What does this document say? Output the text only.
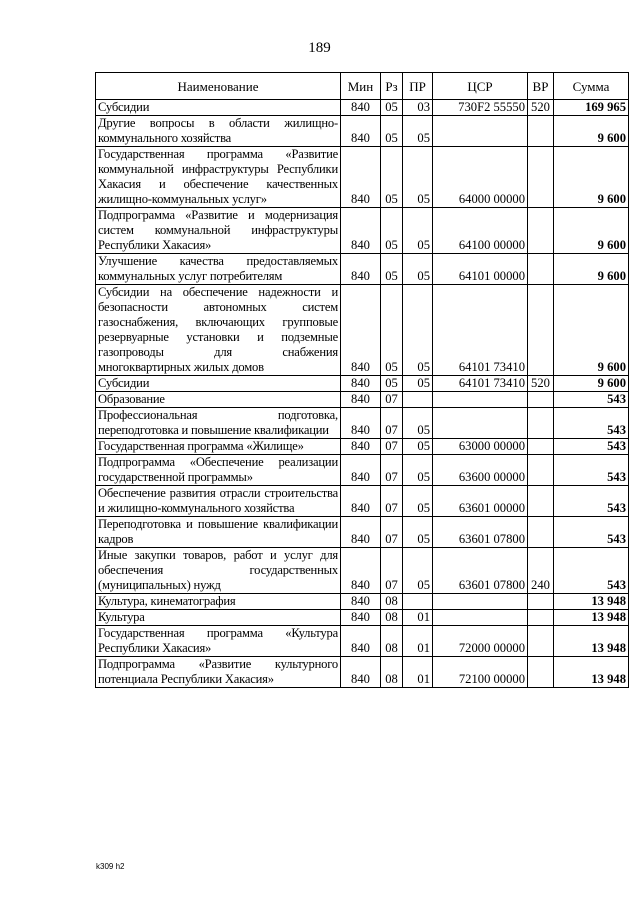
189
Наименование	Мин	Рз	ПР	ЦСР	ВР	Сумма
Субсидии	840	05	03	730F2 55550	520	169 965
Другие вопросы в области жилищно-коммунального хозяйства	840	05	05			9 600
Государственная программа «Развитие коммунальной инфраструктуры Республики Хакасия и обеспечение качественных жилищно-коммунальных услуг»	840	05	05	64000 00000		9 600
Подпрограмма «Развитие и модернизация систем коммунальной инфраструктуры Республики Хакасия»	840	05	05	64100 00000		9 600
Улучшение качества предоставляемых коммунальных услуг потребителям	840	05	05	64101 00000		9 600
Субсидии на обеспечение надежности и безопасности автономных систем газоснабжения, включающих групповые резервуарные установки и подземные газопроводы для снабжения многоквартирных жилых домов	840	05	05	64101 73410		9 600
Субсидии	840	05	05	64101 73410	520	9 600
Образование	840	07				543
Профессиональная подготовка, переподготовка и повышение квалификации	840	07	05			543
Государственная программа «Жилище»	840	07	05	63000 00000		543
Подпрограмма «Обеспечение реализации государственной программы»	840	07	05	63600 00000		543
Обеспечение развития отрасли строительства и жилищно-коммунального хозяйства	840	07	05	63601 00000		543
Переподготовка и повышение квалификации кадров	840	07	05	63601 07800		543
Иные закупки товаров, работ и услуг для обеспечения государственных (муниципальных) нужд	840	07	05	63601 07800	240	543
Культура, кинематография	840	08				13 948
Культура	840	08	01			13 948
Государственная программа «Культура Республики Хакасия»	840	08	01	72000 00000		13 948
Подпрограмма «Развитие культурного потенциала Республики Хакасия»	840	08	01	72100 00000		13 948
k309 h2
